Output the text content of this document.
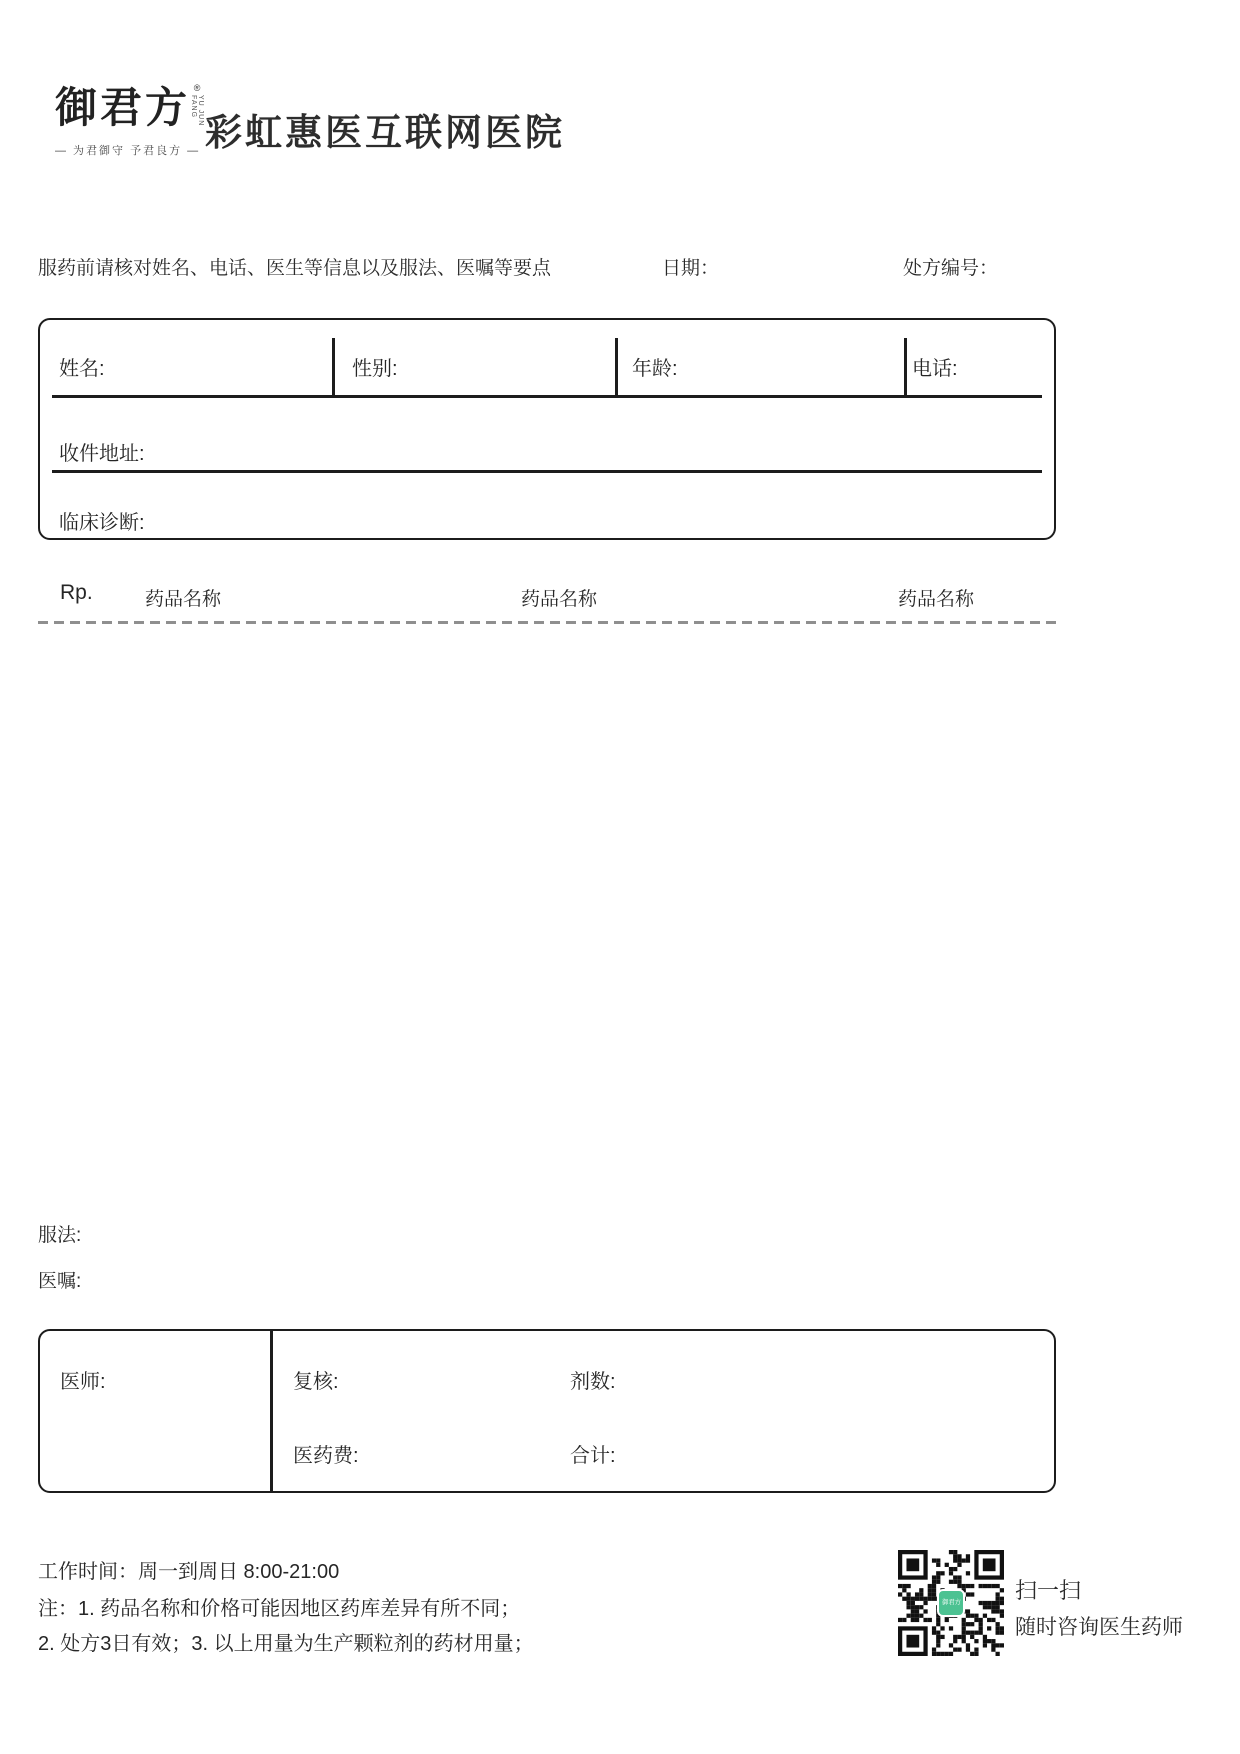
御君方 ®
YU JUN FANG
— 为君御守 予君良方 — 彩虹惠医互联网医院
服药前请核对姓名、电话、医生等信息以及服法、医嘱等要点	日期：	处方编号：
姓名:	性别:	年龄:	电话:
收件地址:
临床诊断:
Rp.	药品名称	药品名称	药品名称
服法:
医嘱:
医师:	复核:	剂数:
医药费:	合计:
工作时间：周一到周日 8:00-21:00
注：1. 药品名称和价格可能因地区药库差异有所不同；
2. 处方3日有效；3. 以上用量为生产颗粒剂的药材用量；
御君方 扫一扫
随时咨询医生药师
